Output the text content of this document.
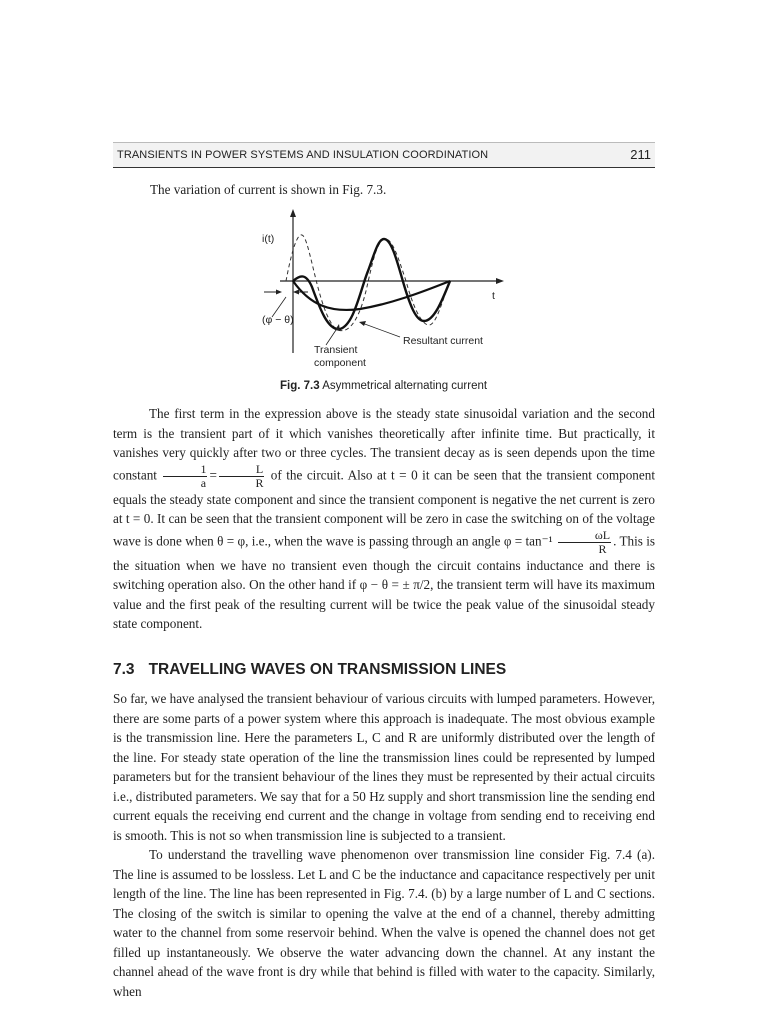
TRANSIENTS IN POWER SYSTEMS AND INSULATION COORDINATION	211
The variation of current is shown in Fig. 7.3.
i(t)
t
(φ − θ)
Resultant current
Transient
component
Fig. 7.3 Asymmetrical alternating current
The first term in the expression above is the steady state sinusoidal variation and the second term is the transient part of it which vanishes theoretically after infinite time. But practically, it vanishes very quickly after two or three cycles. The transient decay as is seen depends upon the time constant $\frac{1}{a} = \frac{L}{R}$ of the circuit. Also at t = 0 it can be seen that the transient component equals the steady state component and since the transient component is negative the net current is zero at t = 0. It can be seen that the transient component will be zero in case the switching on of the voltage wave is done when θ = φ, i.e., when the wave is passing through an angle $\varphi = \tan^{-1} \frac{\omega L}{R}$ . This is the situation when we have no transient even though the circuit contains inductance and there is switching operation also. On the other hand if φ − θ = ± π/2, the transient term will have its maximum value and the first peak of the resulting current will be twice the peak value of the sinusoidal steady state component.
7.3 TRAVELLING WAVES ON TRANSMISSION LINES
So far, we have analysed the transient behaviour of various circuits with lumped parameters. However, there are some parts of a power system where this approach is inadequate. The most obvious example is the transmission line. Here the parameters L, C and R are uniformly distributed over the length of the line. For steady state operation of the line the transmission lines could be represented by lumped parameters but for the transient behaviour of the lines they must be represented by their actual circuits i.e., distributed parameters. We say that for a 50 Hz supply and short transmission line the sending end current equals the receiving end current and the change in voltage from sending end to receiving end is smooth. This is not so when transmission line is subjected to a transient.
To understand the travelling wave phenomenon over transmission line consider Fig. 7.4 (a). The line is assumed to be lossless. Let L and C be the inductance and capacitance respectively per unit length of the line. The line has been represented in Fig. 7.4. (b) by a large number of L and C sections. The closing of the switch is similar to opening the valve at the end of a channel, thereby admitting water to the channel from some reservoir behind. When the valve is opened the channel does not get filled up instantaneously. We observe the water advancing down the channel. At any instant the channel ahead of the wave front is dry while that behind is filled with water to the capacity. Similarly, when
